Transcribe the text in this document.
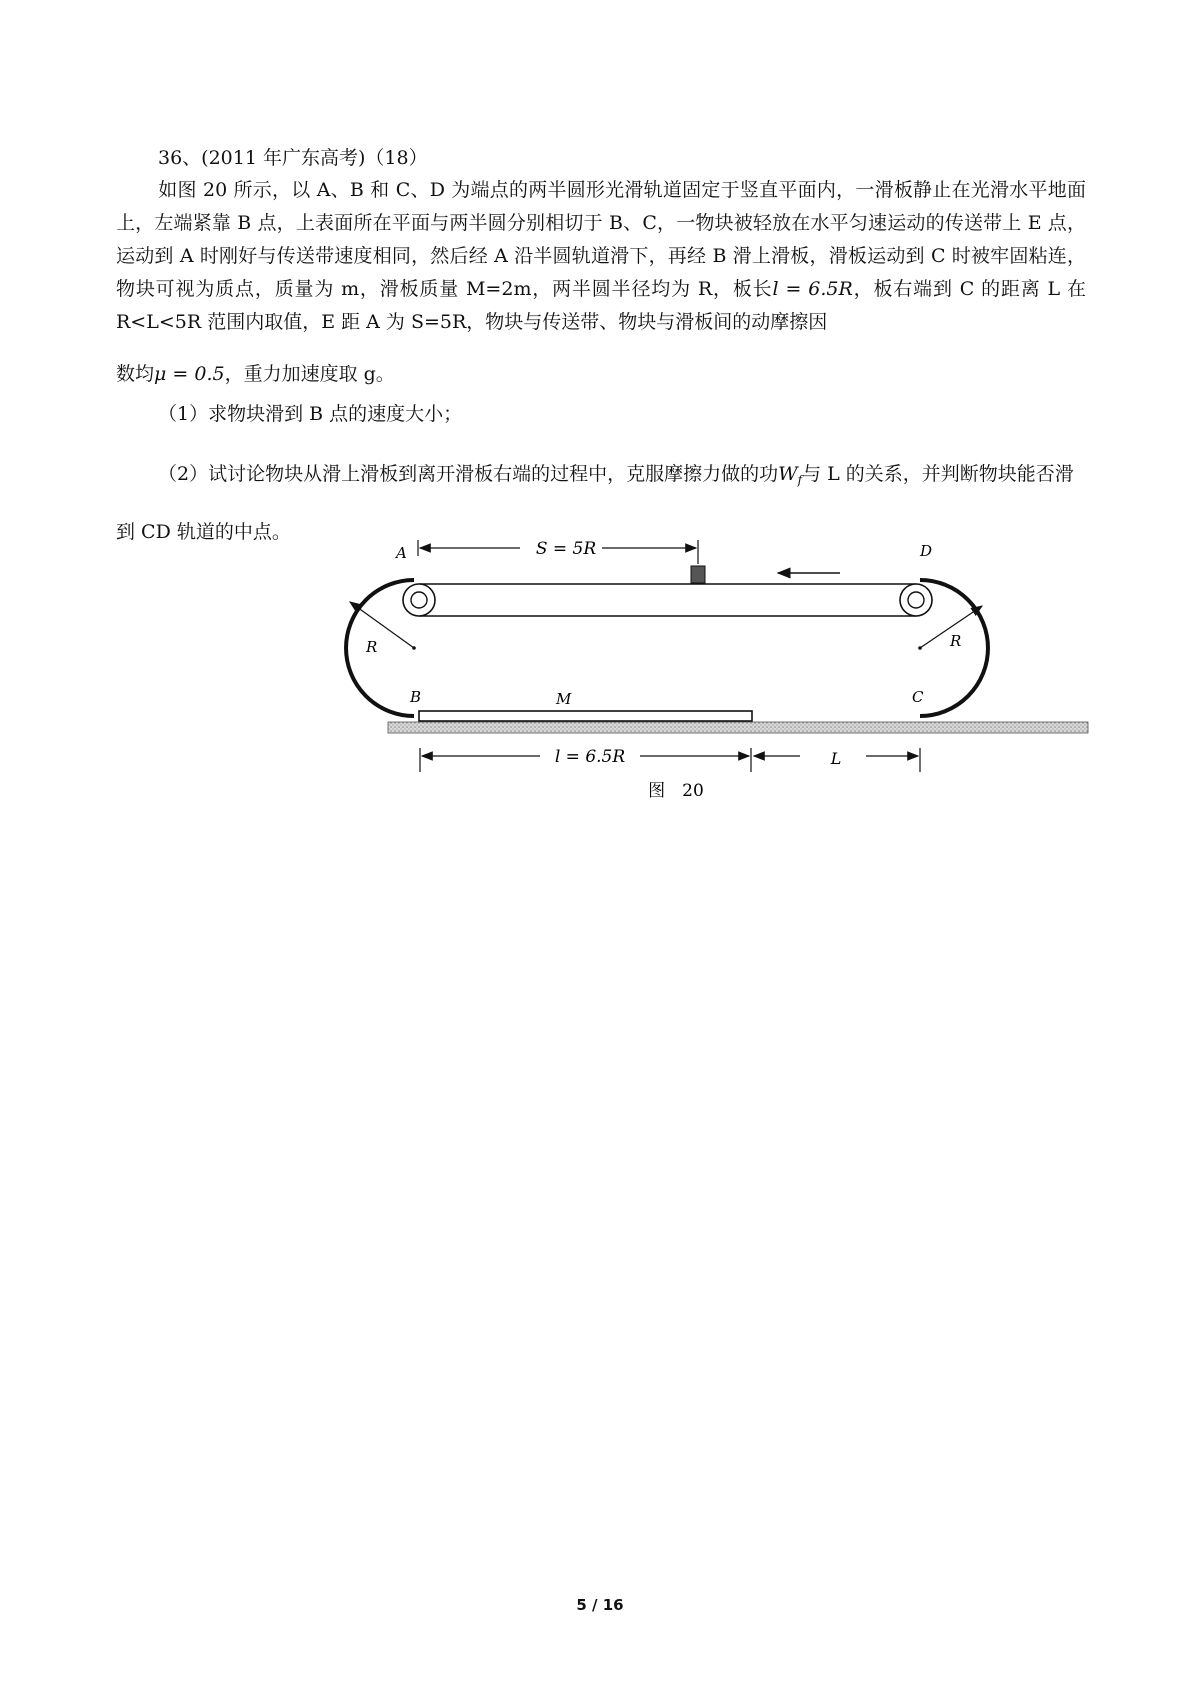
36、(2011 年广东高考)（18）
如图 20 所示，以 A、B 和 C、D 为端点的两半圆形光滑轨道固定于竖直平面内，一滑板静止在光滑水平地面上，左端紧靠 B 点，上表面所在平面与两半圆分别相切于 B、C，一物块被轻放在水平匀速运动的传送带上 E 点，运动到 A 时刚好与传送带速度相同，然后经 A 沿半圆轨道滑下，再经 B 滑上滑板，滑板运动到 C 时被牢固粘连，物块可视为质点，质量为 m，滑板质量 M=2m，两半圆半径均为 R，板长l = 6.5R，板右端到 C 的距离 L 在 R<L<5R 范围内取值，E 距 A 为 S=5R，物块与传送带、物块与滑板间的动摩擦因
数均μ = 0.5，重力加速度取 g。
（1）求物块滑到 B 点的速度大小；
（2）试讨论物块从滑上滑板到离开滑板右端的过程中，克服摩擦力做的功$W_f$与 L 的关系，并判断物块能否滑到 CD 轨道的中点。
S = 5R
R	R
A	D
B	C
M
l = 6.5R	L
图　20
5 / 16
